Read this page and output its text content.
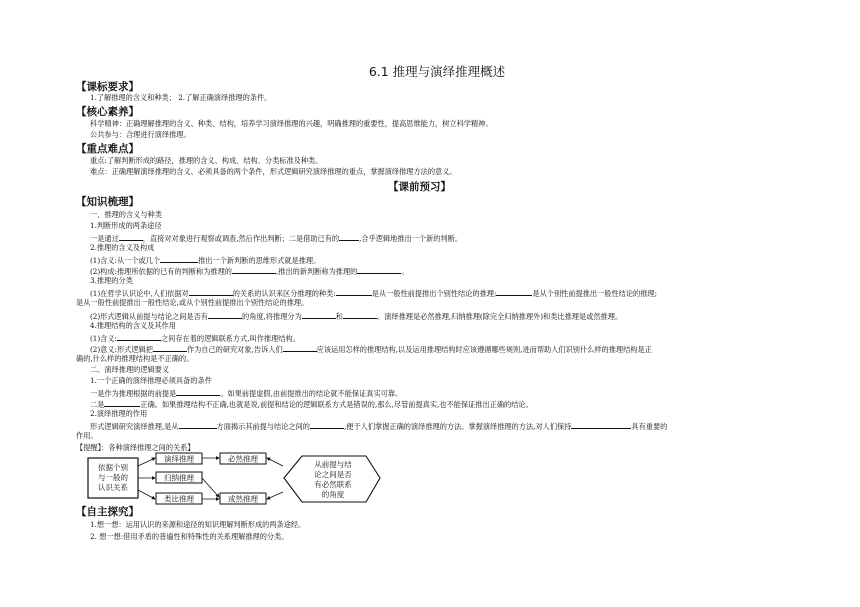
6.1 推理与演绎推理概述
【课标要求】
1.了解推理的含义和种类； 2.了解正确演绎推理的条件。
【核心素养】
科学精神：正确理解推理的含义、种类、结构，培养学习演绎推理的兴趣，明确推理的重要性，提高思维能力，树立科学精神。
公共参与：合理进行演绎推理。
【重点难点】
重点:了解判断形成的路径，推理的含义、构成、结构、分类标准及种类。
难点：正确理解演绎推理的含义、必须具备的两个条件，形式逻辑研究演绎推理的重点，掌握演绎推理方法的意义。
【课前预习】
【知识梳理】
一、推理的含义与种类
1.判断形成的两条途径
一是通过	，直接对对象进行观察或调查,然后作出判断；二是借助已有的	,合乎逻辑地推出一个新的判断。
2.推理的含义及构成
(1)含义:从一个或几个	推出一个新判断的思维形式就是推理。
(2)构成:推理所依据的已有的判断称为推理的	,推出的新判断称为推理的	。
3.推理的分类
(1)在哲学认识论中,人们依据对	的关系的认识来区分推理的种类:	是从一般性前提推出个别性结论的推理;	是从个别性前提推出一般性结论的推理;
是从一般性前提推出一般性结论,或从个别性前提推出个别性结论的推理。
(2)形式逻辑从前提与结论之间是否有	的角度,将推理分为	和	。演绎推理是必然推理,归纳推理(除完全归纳推理外)和类比推理是或然推理。
4.推理结构的含义及其作用
(1)含义:	之间存在着的逻辑联系方式,叫作推理结构。
(2)意义:形式逻辑把	作为自己的研究对象,告诉人们	应该运用怎样的推理结构,以及运用推理结构时应该遵循哪些规则,进而帮助人们识别什么样的推理结构是正
确的,什么样的推理结构是不正确的。
二、演绎推理的逻辑要义
1.一个正确的演绎推理必须具备的条件
一是作为推理根据的前提是	。如果前提虚假,由前提推出的结论就不能保证真实可靠。
二是	正确。如果推理结构不正确,也就是说,前提和结论的逻辑联系方式是错误的,那么,尽管前提真实,也不能保证推出正确的结论。
2.演绎推理的作用
形式逻辑研究演绎推理,是从	方面揭示其前提与结论之间的	,便于人们掌握正确的演绎推理的方法。掌握演绎推理的方法,对人们保持	具有重要的
作用。
【提醒】：各种演绎推理之间的关系】
依据个别
与一般的
认识关系
演绎推理
归纳推理
类比推理
必然推理
或然推理
从前提与结
论之间是否
有必然联系
的角度
【自主探究】
1.想一想：运用认识的来源和途径的知识理解判断形成的两条途经。
2. 想一想:借用矛盾的普遍性和特殊性的关系理解推理的分类。
